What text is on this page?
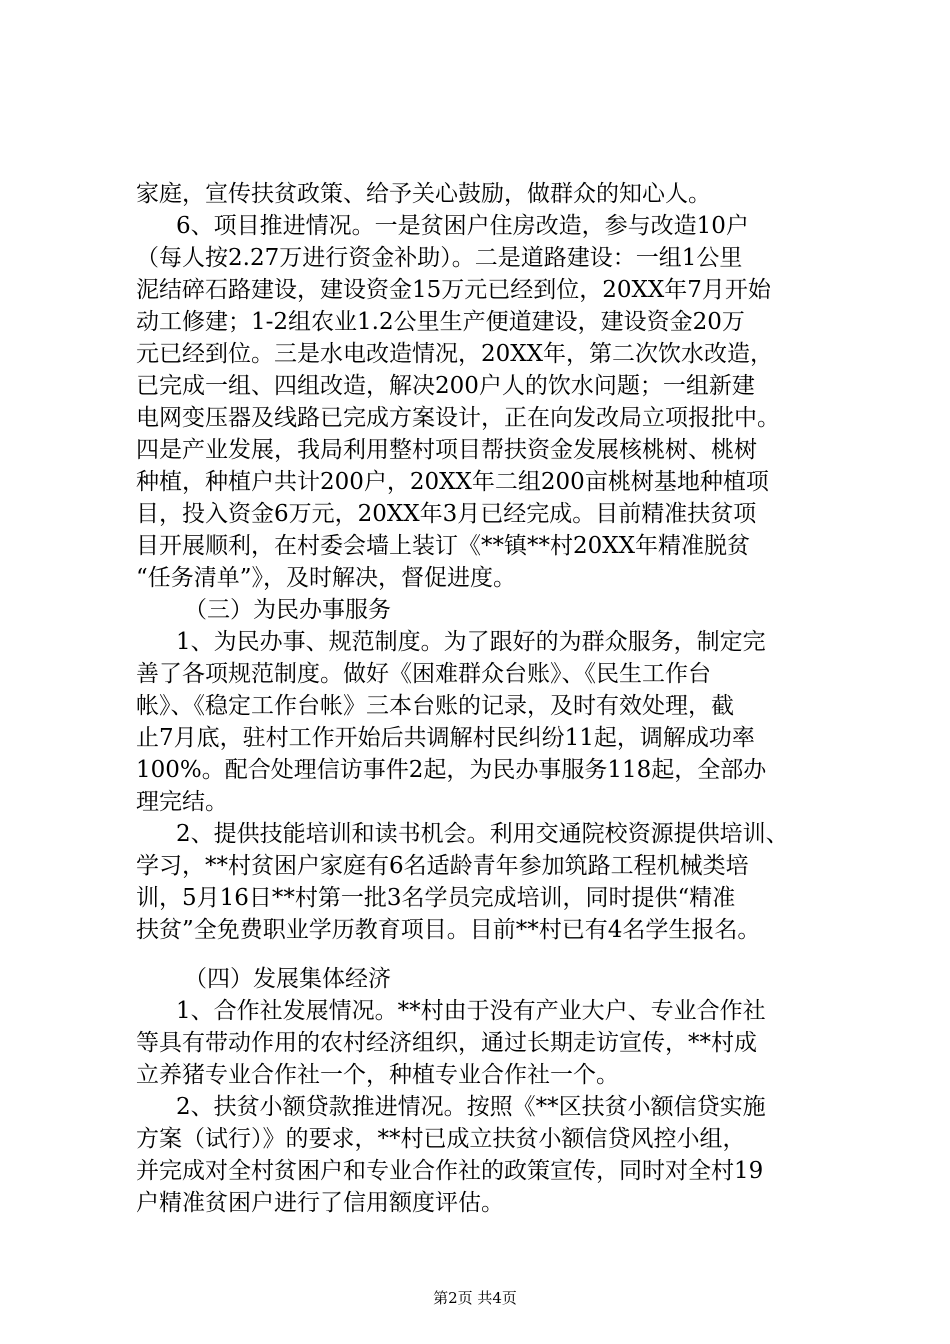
家庭，宣传扶贫政策、给予关心鼓励，做群众的知心人。
6、项目推进情况。一是贫困户住房改造，参与改造10户
（每人按2.27万进行资金补助）。二是道路建设：一组1公里
泥结碎石路建设，建设资金15万元已经到位，20XX年7月开始
动工修建；1-2组农业1.2公里生产便道建设，建设资金20万
元已经到位。三是水电改造情况，20XX年，第二次饮水改造，
已完成一组、四组改造，解决200户人的饮水问题；一组新建
电网变压器及线路已完成方案设计，正在向发改局立项报批中。
四是产业发展，我局利用整村项目帮扶资金发展核桃树、桃树
种植，种植户共计200户，20XX年二组200亩桃树基地种植项
目，投入资金6万元，20XX年3月已经完成。目前精准扶贫项
目开展顺利，在村委会墙上装订《**镇**村20XX年精准脱贫
“任务清单”》，及时解决，督促进度。
（三）为民办事服务
1、为民办事、规范制度。为了跟好的为群众服务，制定完
善了各项规范制度。做好《困难群众台账》、《民生工作台
帐》、《稳定工作台帐》三本台账的记录，及时有效处理，截
止7月底，驻村工作开始后共调解村民纠纷11起，调解成功率
100%。配合处理信访事件2起，为民办事服务118起，全部办
理完结。
2、提供技能培训和读书机会。利用交通院校资源提供培训、
学习，**村贫困户家庭有6名适龄青年参加筑路工程机械类培
训，5月16日**村第一批3名学员完成培训，同时提供“精准
扶贫”全免费职业学历教育项目。目前**村已有4名学生报名。
（四）发展集体经济
1、合作社发展情况。**村由于没有产业大户、专业合作社
等具有带动作用的农村经济组织，通过长期走访宣传，**村成
立养猪专业合作社一个，种植专业合作社一个。
2、扶贫小额贷款推进情况。按照《**区扶贫小额信贷实施
方案（试行）》的要求，**村已成立扶贫小额信贷风控小组，
并完成对全村贫困户和专业合作社的政策宣传，同时对全村19
户精准贫困户进行了信用额度评估。
第2页 共4页
